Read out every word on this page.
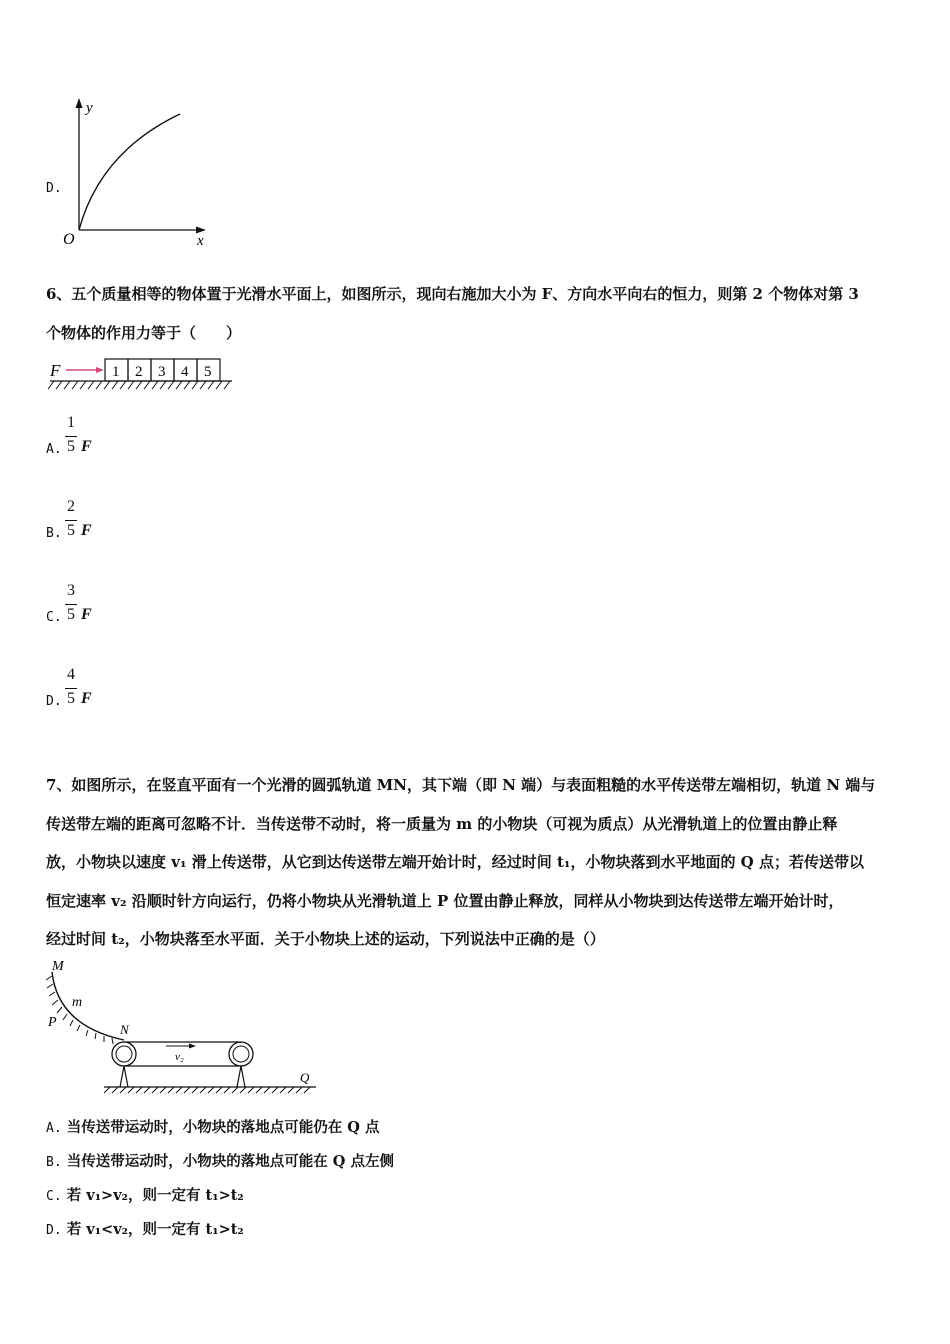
D.
y
x
O
6、五个质量相等的物体置于光滑水平面上，如图所示，现向右施加大小为 F、方向水平向右的恒力，则第 2 个物体对第 3
个物体的作用力等于（　　）
F	1 2 3 4 5
A.
1
5 F
B.
2
5 F
C.
3
5 F
D.
4
5 F
7、如图所示，在竖直平面有一个光滑的圆弧轨道 MN，其下端（即 N 端）与表面粗糙的水平传送带左端相切，轨道 N 端与
传送带左端的距离可忽略不计．当传送带不动时，将一质量为 m 的小物块（可视为质点）从光滑轨道上的位置由静止释
放，小物块以速度 v₁ 滑上传送带，从它到达传送带左端开始计时，经过时间 t₁，小物块落到水平地面的 Q 点；若传送带以
恒定速率 v₂ 沿顺时针方向运行，仍将小物块从光滑轨道上 P 位置由静止释放，同样从小物块到达传送带左端开始计时，
经过时间 t₂，小物块落至水平面．关于小物块上述的运动，下列说法中正确的是（）
M
m
P	N
v₂
Q
A. 当传送带运动时，小物块的落地点可能仍在 Q 点
B. 当传送带运动时，小物块的落地点可能在 Q 点左侧
C. 若 v₁>v₂，则一定有 t₁>t₂
D. 若 v₁<v₂，则一定有 t₁>t₂
